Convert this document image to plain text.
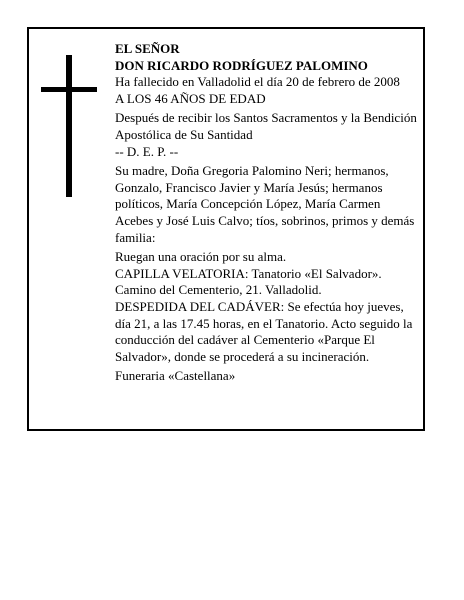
EL SEÑOR

DON RICARDO RODRÍGUEZ PALOMINO

Ha fallecido en Valladolid el día 20 de febrero de 2008

A LOS 46 AÑOS DE EDAD

Después de recibir los Santos Sacramentos y la Bendición Apostólica de Su Santidad

-- D. E. P. --

Su madre, Doña Gregoria Palomino Neri; hermanos, Gonzalo, Francisco Javier y María Jesús; hermanos políticos, María Concepción López, María Carmen Acebes y José Luis Calvo; tíos, sobrinos, primos y demás familia:

Ruegan una oración por su alma.

CAPILLA VELATORIA: Tanatorio «El Salvador». Camino del Cementerio, 21. Valladolid.

DESPEDIDA DEL CADÁVER: Se efectúa hoy jueves, día 21, a las 17.45 horas, en el Tanatorio. Acto seguido la conducción del cadáver al Cementerio «Parque El Salvador», donde se procederá a su incineración.

Funeraria «Castellana»
